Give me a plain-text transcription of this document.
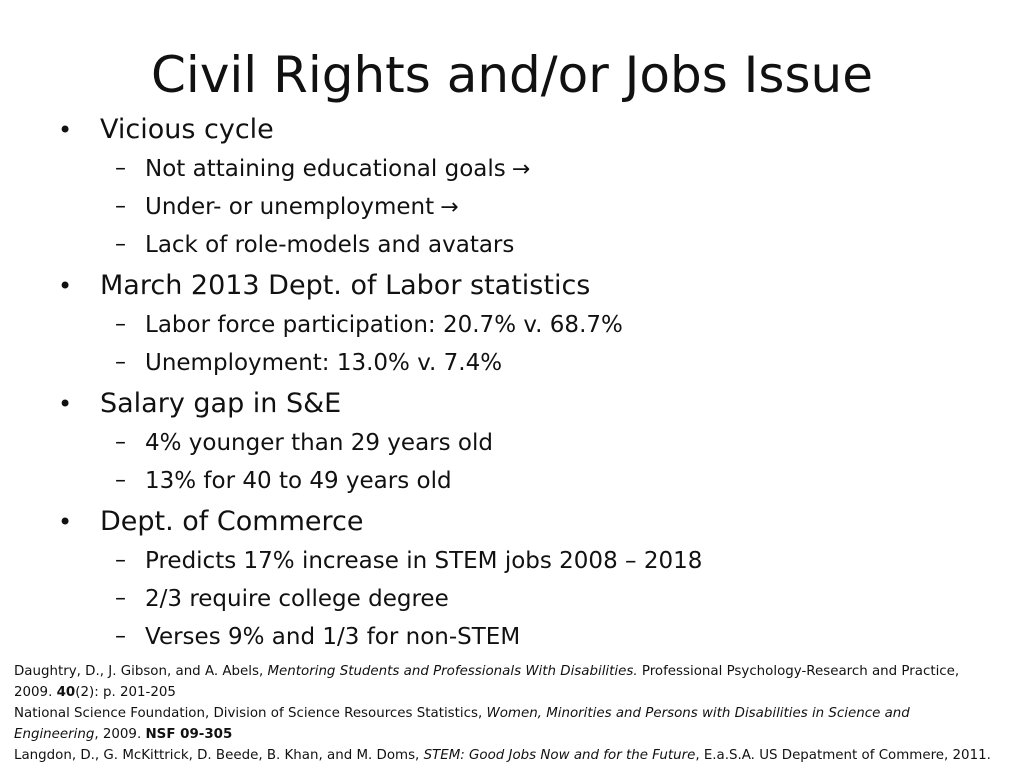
Civil Rights and/or Jobs Issue
• Vicious cycle
– Not attaining educational goals →
– Under- or unemployment →
– Lack of role-models and avatars
• March 2013 Dept. of Labor statistics
– Labor force participation: 20.7% v. 68.7%
– Unemployment: 13.0% v. 7.4%
• Salary gap in S&E
– 4% younger than 29 years old
– 13% for 40 to 49 years old
• Dept. of Commerce
– Predicts 17% increase in STEM jobs 2008 – 2018
– 2/3 require college degree
– Verses 9% and 1/3 for non-STEM
Daughtry, D., J. Gibson, and A. Abels, Mentoring Students and Professionals With Disabilities. Professional Psychology-Research and Practice,
2009. 40(2): p. 201-205
National Science Foundation, Division of Science Resources Statistics, Women, Minorities and Persons with Disabilities in Science and
Engineering, 2009. NSF 09-305
Langdon, D., G. McKittrick, D. Beede, B. Khan, and M. Doms, STEM: Good Jobs Now and for the Future, E.a.S.A. US Depatment of Commere, 2011.
